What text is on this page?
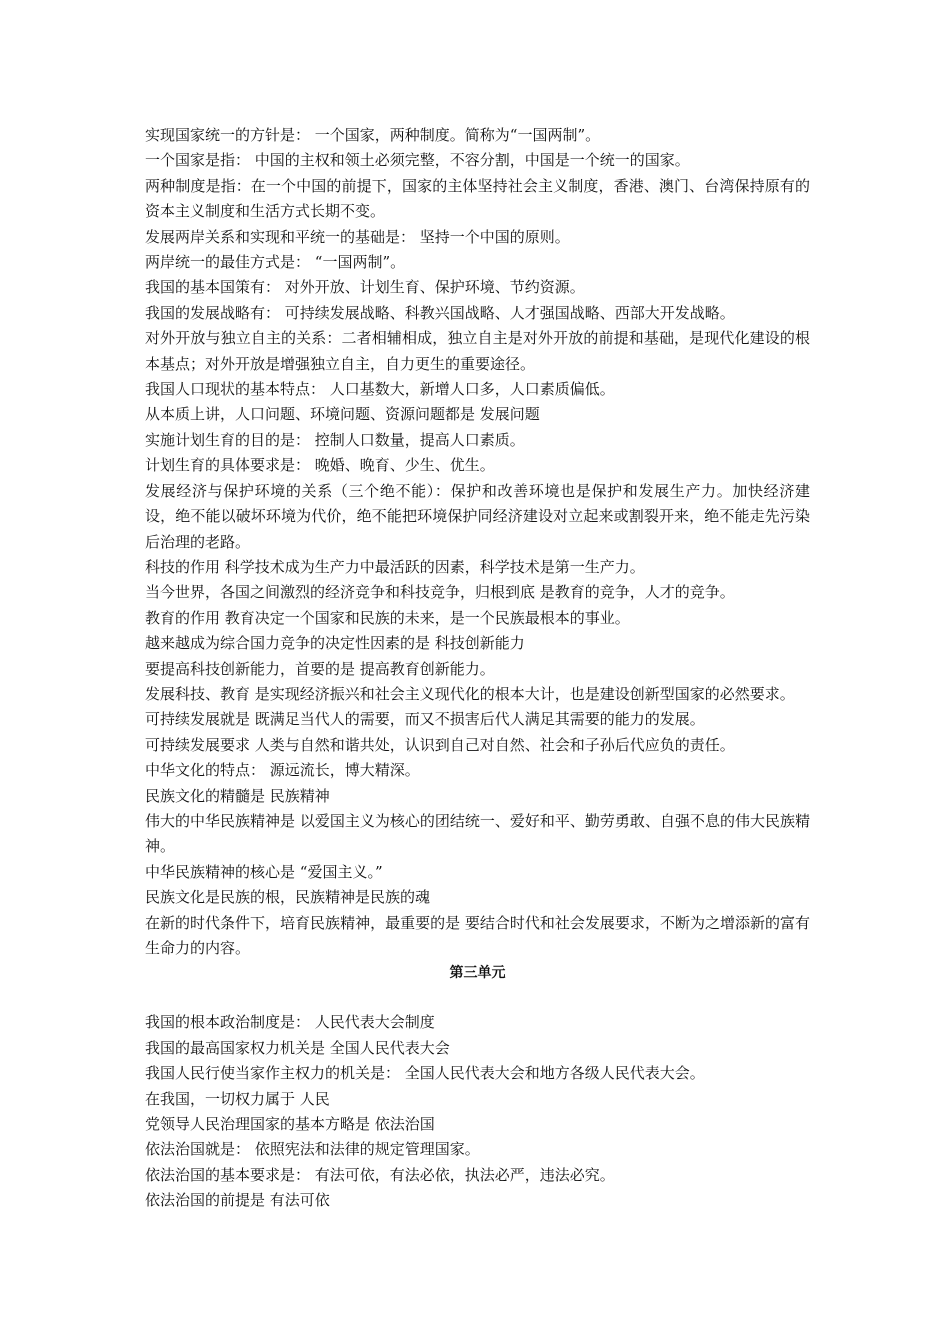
实现国家统一的方针是： 一个国家，两种制度。简称为“一国两制”。

一个国家是指： 中国的主权和领土必须完整，不容分割，中国是一个统一的国家。

两种制度是指：在一个中国的前提下，国家的主体坚持社会主义制度，香港、澳门、台湾保持原有的资本主义制度和生活方式长期不变。

发展两岸关系和实现和平统一的基础是： 坚持一个中国的原则。

两岸统一的最佳方式是： “一国两制”。

我国的基本国策有： 对外开放、计划生育、保护环境、节约资源。

我国的发展战略有： 可持续发展战略、科教兴国战略、人才强国战略、西部大开发战略。

对外开放与独立自主的关系：二者相辅相成，独立自主是对外开放的前提和基础，是现代化建设的根本基点；对外开放是增强独立自主，自力更生的重要途径。

我国人口现状的基本特点： 人口基数大，新增人口多，人口素质偏低。

从本质上讲，人口问题、环境问题、资源问题都是 发展问题

实施计划生育的目的是： 控制人口数量，提高人口素质。

计划生育的具体要求是： 晚婚、晚育、少生、优生。

发展经济与保护环境的关系（三个绝不能）：保护和改善环境也是保护和发展生产力。加快经济建设，绝不能以破坏环境为代价，绝不能把环境保护同经济建设对立起来或割裂开来，绝不能走先污染后治理的老路。

科技的作用 科学技术成为生产力中最活跃的因素，科学技术是第一生产力。

当今世界，各国之间激烈的经济竞争和科技竞争，归根到底 是教育的竞争，人才的竞争。

教育的作用 教育决定一个国家和民族的未来，是一个民族最根本的事业。

越来越成为综合国力竞争的决定性因素的是 科技创新能力

要提高科技创新能力，首要的是 提高教育创新能力。

发展科技、教育 是实现经济振兴和社会主义现代化的根本大计，也是建设创新型国家的必然要求。

可持续发展就是 既满足当代人的需要，而又不损害后代人满足其需要的能力的发展。

可持续发展要求 人类与自然和谐共处，认识到自己对自然、社会和子孙后代应负的责任。

中华文化的特点： 源远流长，博大精深。

民族文化的精髓是 民族精神

伟大的中华民族精神是 以爱国主义为核心的团结统一、爱好和平、勤劳勇敢、自强不息的伟大民族精神。

中华民族精神的核心是 “爱国主义。”

民族文化是民族的根，民族精神是民族的魂

在新的时代条件下，培育民族精神，最重要的是 要结合时代和社会发展要求，不断为之增添新的富有生命力的内容。

第三单元

我国的根本政治制度是： 人民代表大会制度

我国的最高国家权力机关是 全国人民代表大会

我国人民行使当家作主权力的机关是： 全国人民代表大会和地方各级人民代表大会。

在我国，一切权力属于 人民

党领导人民治理国家的基本方略是 依法治国

依法治国就是： 依照宪法和法律的规定管理国家。

依法治国的基本要求是： 有法可依，有法必依，执法必严，违法必究。

依法治国的前提是 有法可依
